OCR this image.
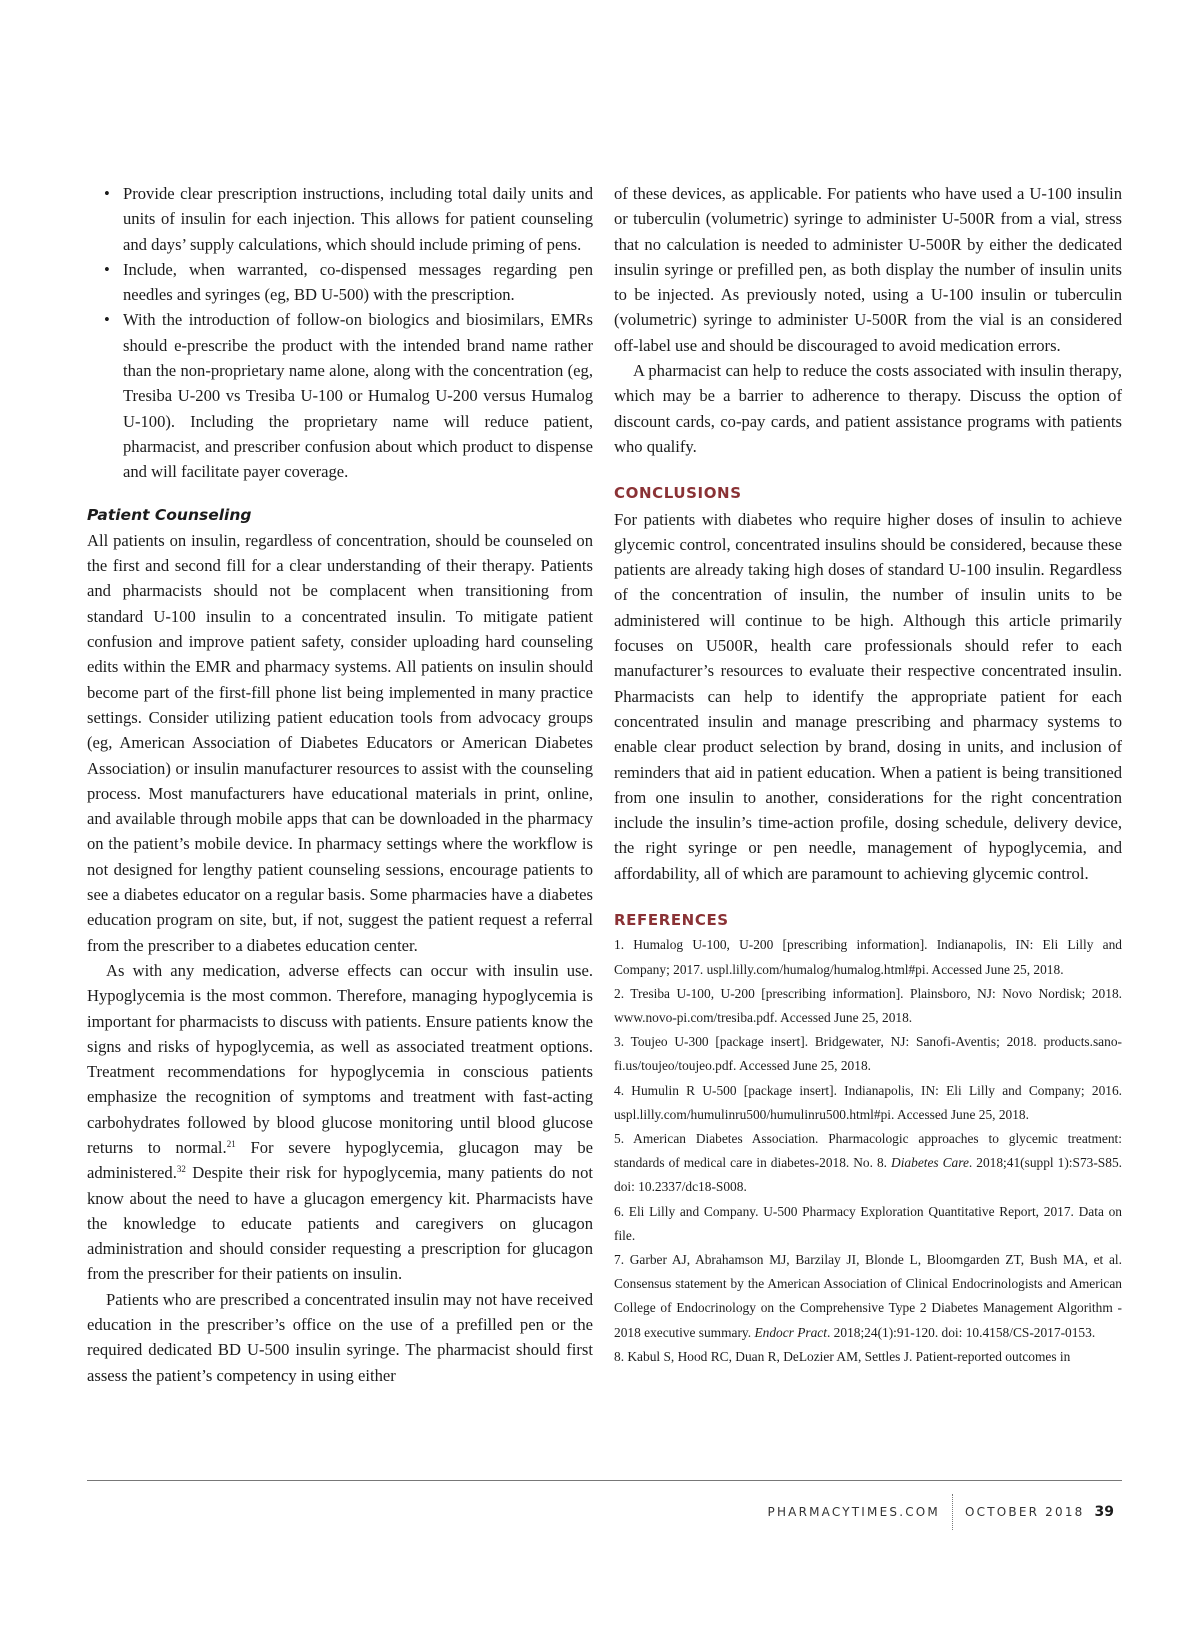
• Provide clear prescription instructions, including total daily units and units of insulin for each injection. This allows for patient counseling and days’ supply calculations, which should include priming of pens.
• Include, when warranted, co-dispensed messages regarding pen needles and syringes (eg, BD U-500) with the prescription.
• With the introduction of follow-on biologics and biosimilars, EMRs should e-prescribe the product with the intended brand name rather than the non-proprietary name alone, along with the concentration (eg, Tresiba U-200 vs Tresiba U-100 or Humalog U-200 versus Humalog U-100). Including the proprietary name will reduce patient, pharmacist, and prescriber confusion about which product to dispense and will facilitate payer coverage.
Patient Counseling

All patients on insulin, regardless of concentration, should be counseled on the first and second fill for a clear understanding of their therapy. Patients and pharmacists should not be complacent when transitioning from standard U-100 insulin to a concentrated insulin. To mitigate patient confusion and improve patient safety, consider uploading hard counseling edits within the EMR and pharmacy systems. All patients on insulin should become part of the first-fill phone list being implemented in many practice settings. Consider utilizing patient education tools from advocacy groups (eg, American Association of Diabetes Educators or American Diabetes Association) or insulin manufacturer resources to assist with the counseling process. Most manufacturers have educational materials in print, online, and available through mobile apps that can be downloaded in the pharmacy on the patient’s mobile device. In pharmacy settings where the workflow is not designed for lengthy patient counseling sessions, encourage patients to see a diabetes educator on a regular basis. Some pharmacies have a diabetes education program on site, but, if not, suggest the patient request a referral from the prescriber to a diabetes education center.

As with any medication, adverse effects can occur with insulin use. Hypoglycemia is the most common. Therefore, managing hypoglycemia is important for pharmacists to discuss with patients. Ensure patients know the signs and risks of hypoglycemia, as well as associated treatment options. Treatment recommendations for hypoglycemia in conscious patients emphasize the recognition of symptoms and treatment with fast-acting carbohydrates followed by blood glucose monitoring until blood glucose returns to normal.$^{21}$ For severe hypoglycemia, glucagon may be administered.$^{32}$ Despite their risk for hypoglycemia, many patients do not know about the need to have a glucagon emergency kit. Pharmacists have the knowledge to educate patients and caregivers on glucagon administration and should consider requesting a prescription for glucagon from the prescriber for their patients on insulin.

Patients who are prescribed a concentrated insulin may not have received education in the prescriber’s office on the use of a prefilled pen or the required dedicated BD U-500 insulin syringe. The pharmacist should first assess the patient’s competency in using either

of these devices, as applicable. For patients who have used a U-100 insulin or tuberculin (volumetric) syringe to administer U-500R from a vial, stress that no calculation is needed to administer U-500R by either the dedicated insulin syringe or prefilled pen, as both display the number of insulin units to be injected. As previously noted, using a U-100 insulin or tuberculin (volumetric) syringe to administer U-500R from the vial is an considered off-label use and should be discouraged to avoid medication errors.

A pharmacist can help to reduce the costs associated with insulin therapy, which may be a barrier to adherence to therapy. Discuss the option of discount cards, co-pay cards, and patient assistance programs with patients who qualify.

CONCLUSIONS

For patients with diabetes who require higher doses of insulin to achieve glycemic control, concentrated insulins should be considered, because these patients are already taking high doses of standard U-100 insulin. Regardless of the concentration of insulin, the number of insulin units to be administered will continue to be high. Although this article primarily focuses on U500R, health care professionals should refer to each manufacturer’s resources to evaluate their respective concentrated insulin. Pharmacists can help to identify the appropriate patient for each concentrated insulin and manage prescribing and pharmacy systems to enable clear product selection by brand, dosing in units, and inclusion of reminders that aid in patient education. When a patient is being transitioned from one insulin to another, considerations for the right concentration include the insulin’s time-action profile, dosing schedule, delivery device, the right syringe or pen needle, management of hypoglycemia, and affordability, all of which are paramount to achieving glycemic control.

REFERENCES
1. Humalog U-100, U-200 [prescribing information]. Indianapolis, IN: Eli Lilly and Company; 2017. uspl.lilly.com/humalog/humalog.html#pi. Accessed June 25, 2018.
2. Tresiba U-100, U-200 [prescribing information]. Plainsboro, NJ: Novo Nordisk; 2018. www.novo-pi.com/tresiba.pdf. Accessed June 25, 2018.
3. Toujeo U-300 [package insert]. Bridgewater, NJ: Sanofi-Aventis; 2018. products.sanofi.us/toujeo/toujeo.pdf. Accessed June 25, 2018.
4. Humulin R U-500 [package insert]. Indianapolis, IN: Eli Lilly and Company; 2016. uspl.lilly.com/humulinru500/humulinru500.html#pi. Accessed June 25, 2018.
5. American Diabetes Association. Pharmacologic approaches to glycemic treatment: standards of medical care in diabetes-2018. No. 8. Diabetes Care. 2018;41(suppl 1):S73-S85. doi: 10.2337/dc18-S008.
6. Eli Lilly and Company. U-500 Pharmacy Exploration Quantitative Report, 2017. Data on file.
7. Garber AJ, Abrahamson MJ, Barzilay JI, Blonde L, Bloomgarden ZT, Bush MA, et al. Consensus statement by the American Association of Clinical Endocrinologists and American College of Endocrinology on the Comprehensive Type 2 Diabetes Management Algorithm - 2018 executive summary. Endocr Pract. 2018;24(1):91-120. doi: 10.4158/CS-2017-0153.
8. Kabul S, Hood RC, Duan R, DeLozier AM, Settles J. Patient-reported outcomes in
PHARMACYTIMES.COM OCTOBER 2018 39
